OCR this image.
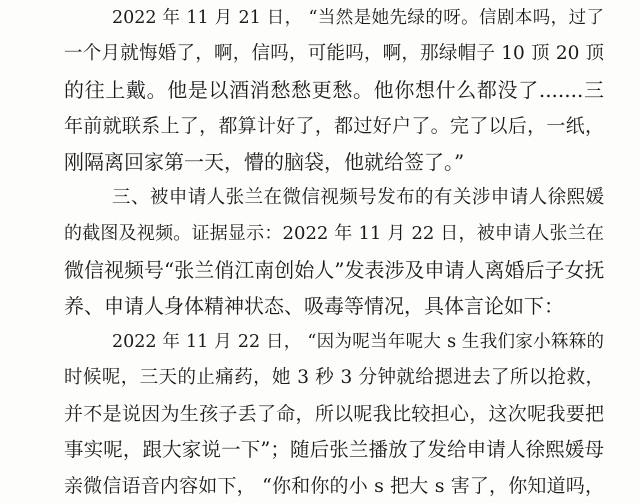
2022 年 11 月 21 日， “当然是她先绿的呀。信剧本吗，过了
一个月就悔婚了，啊，信吗，可能吗，啊，那绿帽子 10 顶 20 顶
的往上戴。他是以酒消愁愁更愁。他你想什么都没了.......三
年前就联系上了，都算计好了，都过好户了。完了以后，一纸，
刚隔离回家第一天，懵的脑袋，他就给签了。”
三、被申请人张兰在微信视频号发布的有关涉申请人徐熙媛
的截图及视频。证据显示：2022 年 11 月 22 日，被申请人张兰在
微信视频号“张兰俏江南创始人”发表涉及申请人离婚后子女抚
养、申请人身体精神状态、吸毒等情况，具体言论如下：
2022 年 11 月 22 日， “因为呢当年呢大 s 生我们家小箖箖的
时候呢，三天的止痛药，她 3 秒 3 分钟就给摁进去了所以抢救，
并不是说因为生孩子丢了命，所以呢我比较担心，这次呢我要把
事实呢，跟大家说一下”；随后张兰播放了发给申请人徐熙媛母
亲微信语音内容如下， “你和你的小 s 把大 s 害了，你知道吗，
